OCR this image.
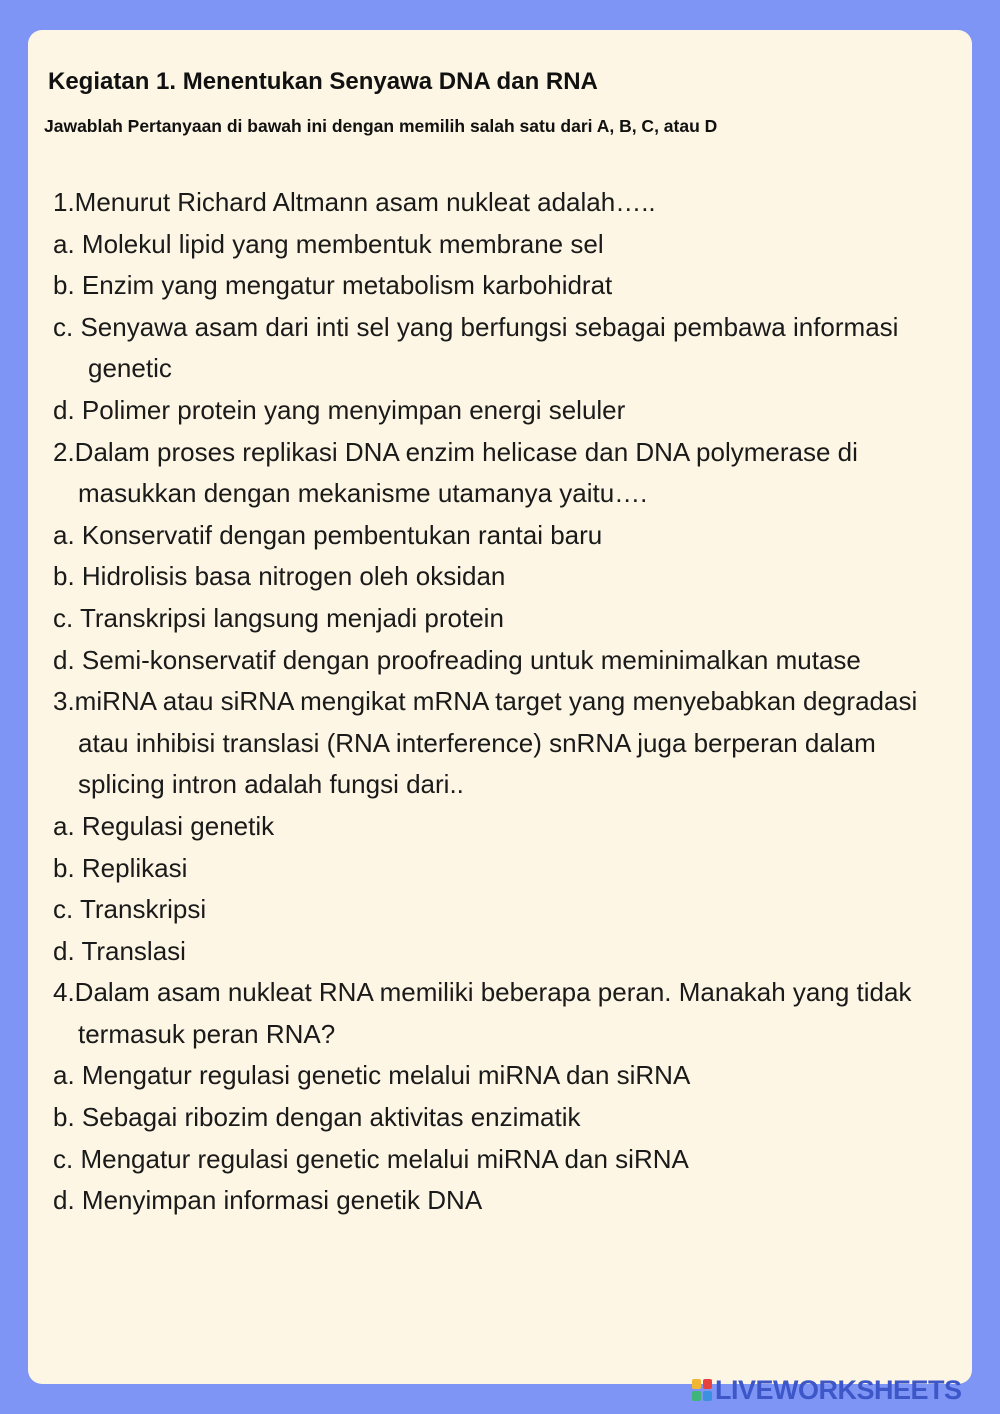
Kegiatan 1. Menentukan Senyawa DNA dan RNA
Jawablah Pertanyaan di bawah ini dengan memilih salah satu dari A, B, C, atau D
1.Menurut Richard Altmann asam nukleat adalah…..
a. Molekul lipid yang membentuk membrane sel
b. Enzim yang mengatur metabolism karbohidrat
c. Senyawa asam dari inti sel yang berfungsi sebagai pembawa informasi genetic
d. Polimer protein yang menyimpan energi seluler
2.Dalam proses replikasi DNA enzim helicase dan DNA polymerase di masukkan dengan mekanisme utamanya yaitu….
a. Konservatif dengan pembentukan rantai baru
b. Hidrolisis basa nitrogen oleh oksidan
c. Transkripsi langsung menjadi protein
d. Semi-konservatif dengan proofreading untuk meminimalkan mutase
3.miRNA atau siRNA mengikat mRNA target yang menyebabkan degradasi atau inhibisi translasi (RNA interference) snRNA juga berperan dalam splicing intron adalah fungsi dari..
a. Regulasi genetik
b. Replikasi
c. Transkripsi
d. Translasi
4.Dalam asam nukleat RNA memiliki beberapa peran. Manakah yang tidak termasuk peran RNA?
a. Mengatur regulasi genetic melalui miRNA dan siRNA
b. Sebagai ribozim dengan aktivitas enzimatik
c. Mengatur regulasi genetic melalui miRNA dan siRNA
d. Menyimpan informasi genetik DNA
LIVEWORKSHEETS
